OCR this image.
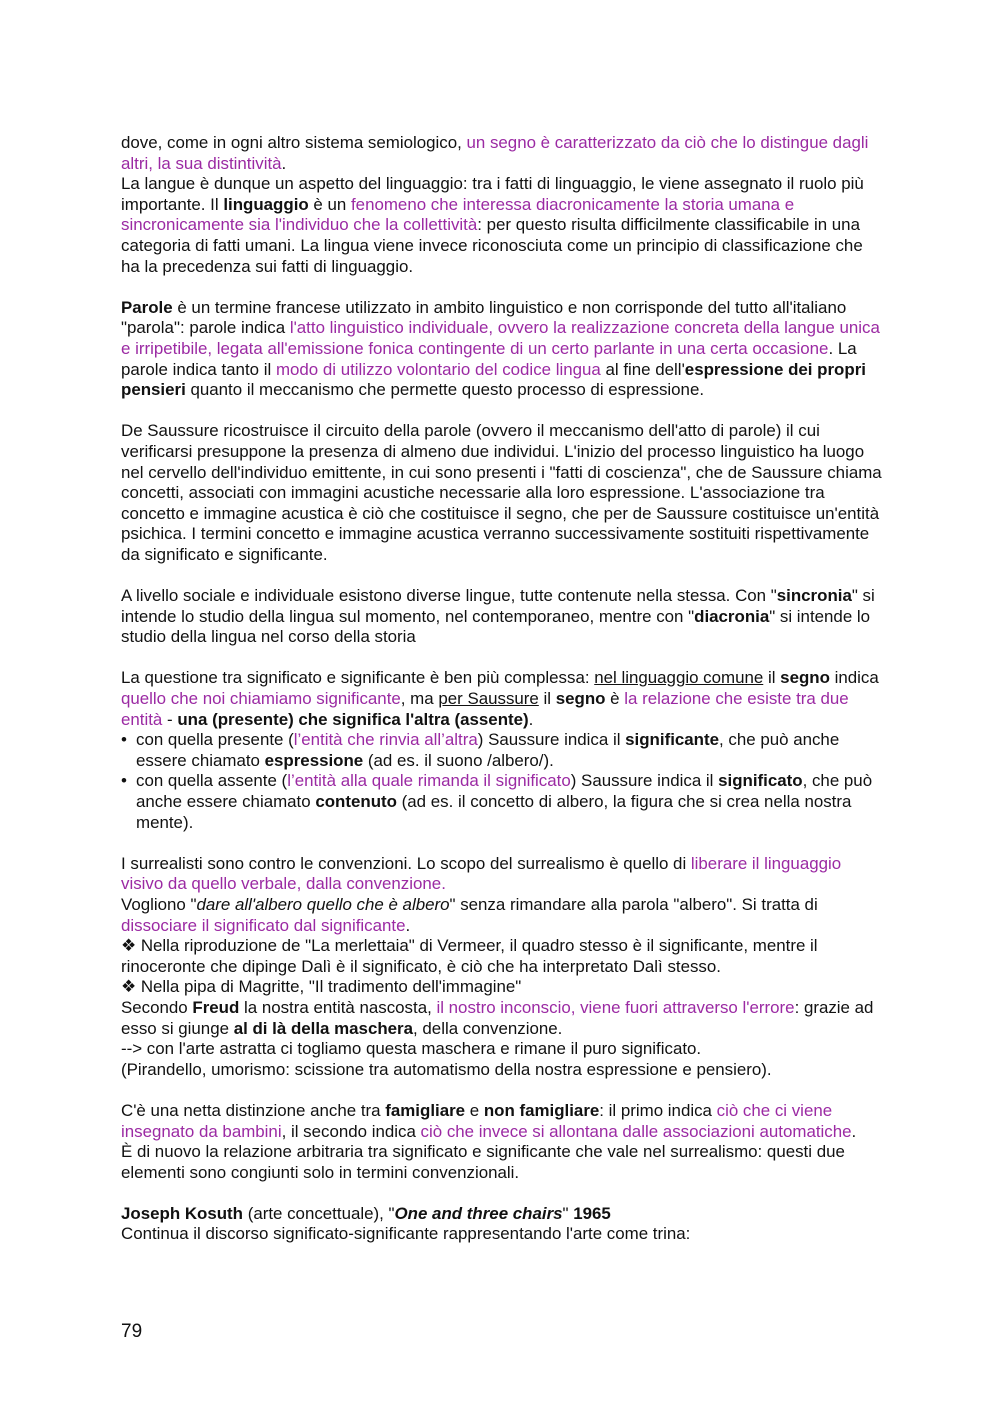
dove, come in ogni altro sistema semiologico, un segno è caratterizzato da ciò che lo distingue dagli altri, la sua distintività.

La langue è dunque un aspetto del linguaggio: tra i fatti di linguaggio, le viene assegnato il ruolo più importante. Il linguaggio è un fenomeno che interessa diacronicamente la storia umana e sincronicamente sia l'individuo che la collettività: per questo risulta difficilmente classificabile in una categoria di fatti umani. La lingua viene invece riconosciuta come un principio di classificazione che ha la precedenza sui fatti di linguaggio.

Parole è un termine francese utilizzato in ambito linguistico e non corrisponde del tutto all'italiano "parola": parole indica l'atto linguistico individuale, ovvero la realizzazione concreta della langue unica e irripetibile, legata all'emissione fonica contingente di un certo parlante in una certa occasione. La parole indica tanto il modo di utilizzo volontario del codice lingua al fine dell'espressione dei propri pensieri quanto il meccanismo che permette questo processo di espressione.

De Saussure ricostruisce il circuito della parole (ovvero il meccanismo dell'atto di parole) il cui verificarsi presuppone la presenza di almeno due individui. L'inizio del processo linguistico ha luogo nel cervello dell'individuo emittente, in cui sono presenti i "fatti di coscienza", che de Saussure chiama concetti, associati con immagini acustiche necessarie alla loro espressione. L'associazione tra concetto e immagine acustica è ciò che costituisce il segno, che per de Saussure costituisce un'entità psichica. I termini concetto e immagine acustica verranno successivamente sostituiti rispettivamente da significato e significante.

A livello sociale e individuale esistono diverse lingue, tutte contenute nella stessa. Con "sincronia" si intende lo studio della lingua sul momento, nel contemporaneo, mentre con "diacronia" si intende lo studio della lingua nel corso della storia

La questione tra significato e significante è ben più complessa: nel linguaggio comune il segno indica quello che noi chiamiamo significante, ma per Saussure il segno è la relazione che esiste tra due entità - una (presente) che significa l'altra (assente).

• con quella presente (l’entità che rinvia all’altra) Saussure indica il significante, che può anche essere chiamato espressione (ad es. il suono /albero/).
• con quella assente (l’entità alla quale rimanda il significato) Saussure indica il significato, che può anche essere chiamato contenuto (ad es. il concetto di albero, la figura che si crea nella nostra mente).

I surrealisti sono contro le convenzioni. Lo scopo del surrealismo è quello di liberare il linguaggio visivo da quello verbale, dalla convenzione.

Vogliono "dare all'albero quello che è albero" senza rimandare alla parola "albero". Si tratta di dissociare il significato dal significante.

❖ Nella riproduzione de "La merlettaia" di Vermeer, il quadro stesso è il significante, mentre il rinoceronte che dipinge Dalì è il significato, è ciò che ha interpretato Dalì stesso.

❖ Nella pipa di Magritte, "Il tradimento dell'immagine"

Secondo Freud la nostra entità nascosta, il nostro inconscio, viene fuori attraverso l'errore: grazie ad esso si giunge al di là della maschera, della convenzione.

--> con l'arte astratta ci togliamo questa maschera e rimane il puro significato.

(Pirandello, umorismo: scissione tra automatismo della nostra espressione e pensiero).

C'è una netta distinzione anche tra famigliare e non famigliare: il primo indica ciò che ci viene insegnato da bambini, il secondo indica ciò che invece si allontana dalle associazioni automatiche.

È di nuovo la relazione arbitraria tra significato e significante che vale nel surrealismo: questi due elementi sono congiunti solo in termini convenzionali.

Joseph Kosuth (arte concettuale), "One and three chairs" 1965

Continua il discorso significato-significante rappresentando l'arte come trina:

79
